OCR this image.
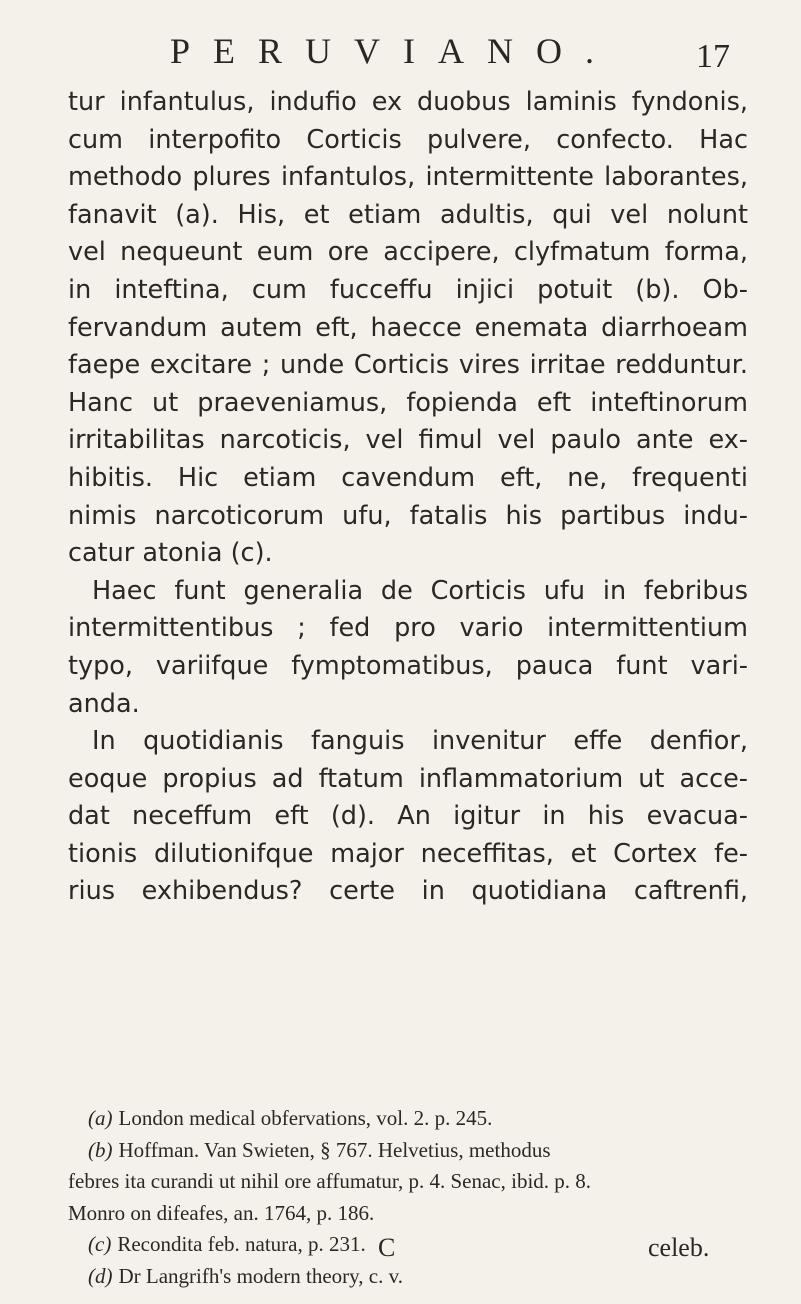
PERUVIANO. 17
tur infantulus, indufio ex duobus laminis fyndonis,
cum interpofito Corticis pulvere, confecto. Hac
methodo plures infantulos, intermittente laborantes,
fanavit (a). His, et etiam adultis, qui vel nolunt
vel nequeunt eum ore accipere, clyfmatum forma,
in inteftina, cum fucceffu injici potuit (b). Ob-
fervandum autem eft, haecce enemata diarrhoeam
faepe excitare ; unde Corticis vires irritae redduntur.
Hanc ut praeveniamus, fopienda eft inteftinorum
irritabilitas narcoticis, vel fimul vel paulo ante ex-
hibitis. Hic etiam cavendum eft, ne, frequenti
nimis narcoticorum ufu, fatalis his partibus indu-
catur atonia (c).
Haec funt generalia de Corticis ufu in febribus
intermittentibus ; fed pro vario intermittentium
typo, variifque fymptomatibus, pauca funt vari-
anda.
In quotidianis fanguis invenitur effe denfior,
eoque propius ad ftatum inflammatorium ut acce-
dat neceffum eft (d). An igitur in his evacua-
tionis dilutionifque major neceffitas, et Cortex fe-
rius exhibendus? certe in quotidiana caftrenfi,
(a) London medical obfervations, vol. 2. p. 245.
(b) Hoffman. Van Swieten, § 767. Helvetius, methodus
febres ita curandi ut nihil ore affumatur, p. 4. Senac, ibid. p. 8.
Monro on difeafes, an. 1764, p. 186.
(c) Recondita feb. natura, p. 231.
(d) Dr Langrifh's modern theory, c. v.
C	celeb.
